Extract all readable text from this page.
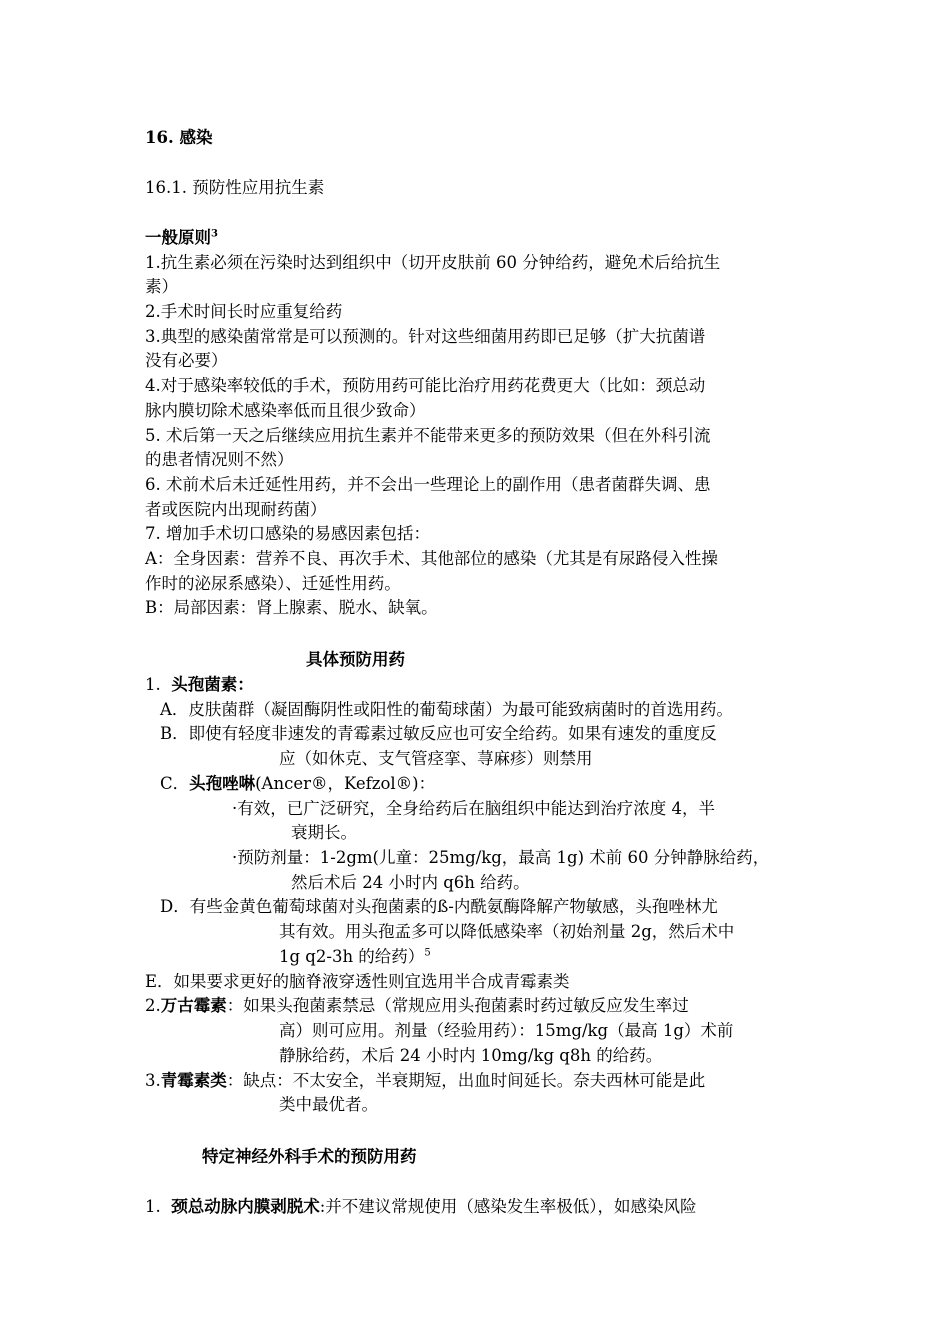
16. 感染
16.1. 预防性应用抗生素
一般原则$^3$
1.抗生素必须在污染时达到组织中（切开皮肤前 60 分钟给药，避免术后给抗生
素）
2.手术时间长时应重复给药
3.典型的感染菌常常是可以预测的。针对这些细菌用药即已足够（扩大抗菌谱
没有必要）
4.对于感染率较低的手术，预防用药可能比治疗用药花费更大（比如：颈总动
脉内膜切除术感染率低而且很少致命）
5. 术后第一天之后继续应用抗生素并不能带来更多的预防效果（但在外科引流
的患者情况则不然）
6. 术前术后未迁延性用药，并不会出一些理论上的副作用（患者菌群失调、患
者或医院内出现耐药菌）
7. 增加手术切口感染的易感因素包括：
A：全身因素：营养不良、再次手术、其他部位的感染（尤其是有尿路侵入性操
作时的泌尿系感染）、迁延性用药。
B：局部因素：肾上腺素、脱水、缺氧。
具体预防用药
1. 头孢菌素：
A．皮肤菌群（凝固酶阴性或阳性的葡萄球菌）为最可能致病菌时的首选用药。
B．即使有轻度非速发的青霉素过敏反应也可安全给药。如果有速发的重度反
应（如休克、支气管痉挛、荨麻疹）则禁用
C．头孢唑啉(Ancer®，Kefzol®)：
·有效，已广泛研究，全身给药后在脑组织中能达到治疗浓度 4，半
衰期长。
·预防剂量：1-2gm(儿童：25mg/kg，最高 1g) 术前 60 分钟静脉给药，
然后术后 24 小时内 q6h 给药。
D．有些金黄色葡萄球菌对头孢菌素的ß-内酰氨酶降解产物敏感，头孢唑林尤
其有效。用头孢孟多可以降低感染率（初始剂量 2g，然后术中
1g q2-3h 的给药）$^5$
E．如果要求更好的脑脊液穿透性则宜选用半合成青霉素类
2.万古霉素：如果头孢菌素禁忌（常规应用头孢菌素时药过敏反应发生率过
高）则可应用。剂量（经验用药）：15mg/kg（最高 1g）术前
静脉给药，术后 24 小时内 10mg/kg q8h 的给药。
3.青霉素类：缺点：不太安全，半衰期短，出血时间延长。奈夫西林可能是此
类中最优者。
特定神经外科手术的预防用药
1. 颈总动脉内膜剥脱术:并不建议常规使用（感染发生率极低），如感染风险
